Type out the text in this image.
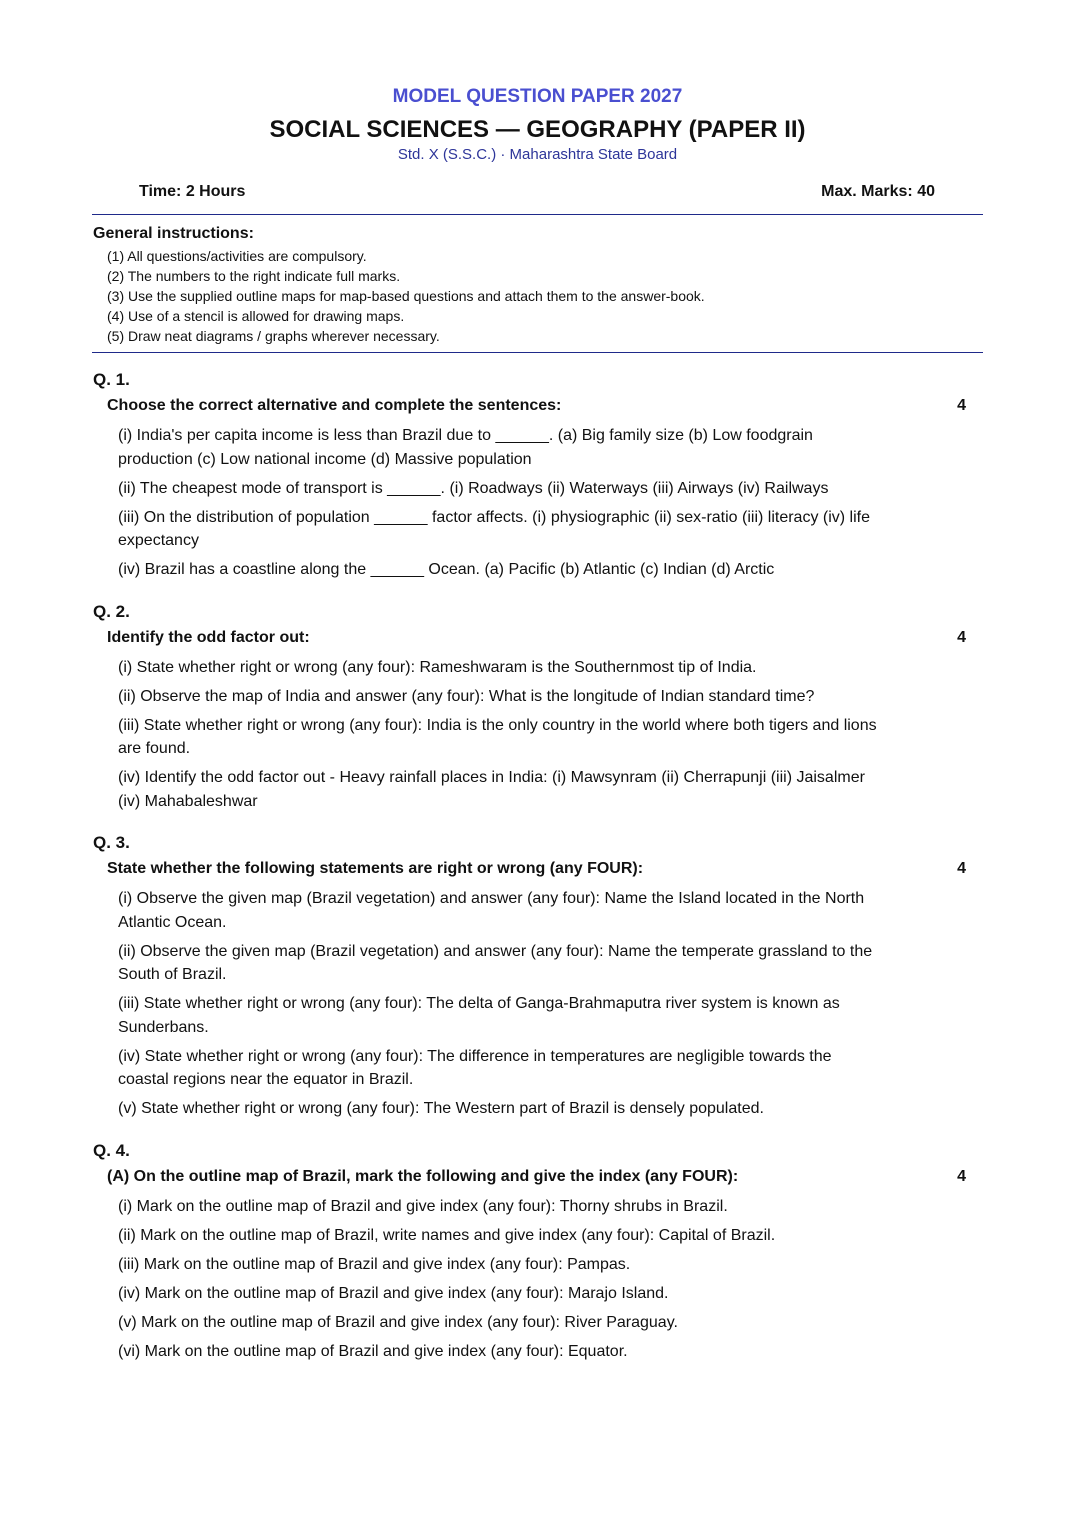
MODEL QUESTION PAPER 2027
SOCIAL SCIENCES — GEOGRAPHY (PAPER II)
Std. X (S.S.C.) · Maharashtra State Board
Time: 2 Hours	Max. Marks: 40
General instructions:
(1) All questions/activities are compulsory.
(2) The numbers to the right indicate full marks.
(3) Use the supplied outline maps for map-based questions and attach them to the answer-book.
(4) Use of a stencil is allowed for drawing maps.
(5) Draw neat diagrams / graphs wherever necessary.
Q. 1.
Choose the correct alternative and complete the sentences:	4
(i) India's per capita income is less than Brazil due to ______. (a) Big family size (b) Low foodgrain production (c) Low national income (d) Massive population
(ii) The cheapest mode of transport is ______. (i) Roadways (ii) Waterways (iii) Airways (iv) Railways
(iii) On the distribution of population ______ factor affects. (i) physiographic (ii) sex-ratio (iii) literacy (iv) life expectancy
(iv) Brazil has a coastline along the ______ Ocean. (a) Pacific (b) Atlantic (c) Indian (d) Arctic
Q. 2.
Identify the odd factor out:	4
(i) State whether right or wrong (any four): Rameshwaram is the Southernmost tip of India.
(ii) Observe the map of India and answer (any four): What is the longitude of Indian standard time?
(iii) State whether right or wrong (any four): India is the only country in the world where both tigers and lions are found.
(iv) Identify the odd factor out - Heavy rainfall places in India: (i) Mawsynram (ii) Cherrapunji (iii) Jaisalmer (iv) Mahabaleshwar
Q. 3.
State whether the following statements are right or wrong (any FOUR):	4
(i) Observe the given map (Brazil vegetation) and answer (any four): Name the Island located in the North Atlantic Ocean.
(ii) Observe the given map (Brazil vegetation) and answer (any four): Name the temperate grassland to the South of Brazil.
(iii) State whether right or wrong (any four): The delta of Ganga-Brahmaputra river system is known as Sunderbans.
(iv) State whether right or wrong (any four): The difference in temperatures are negligible towards the coastal regions near the equator in Brazil.
(v) State whether right or wrong (any four): The Western part of Brazil is densely populated.
Q. 4.
(A) On the outline map of Brazil, mark the following and give the index (any FOUR):	4
(i) Mark on the outline map of Brazil and give index (any four): Thorny shrubs in Brazil.
(ii) Mark on the outline map of Brazil, write names and give index (any four): Capital of Brazil.
(iii) Mark on the outline map of Brazil and give index (any four): Pampas.
(iv) Mark on the outline map of Brazil and give index (any four): Marajo Island.
(v) Mark on the outline map of Brazil and give index (any four): River Paraguay.
(vi) Mark on the outline map of Brazil and give index (any four): Equator.
